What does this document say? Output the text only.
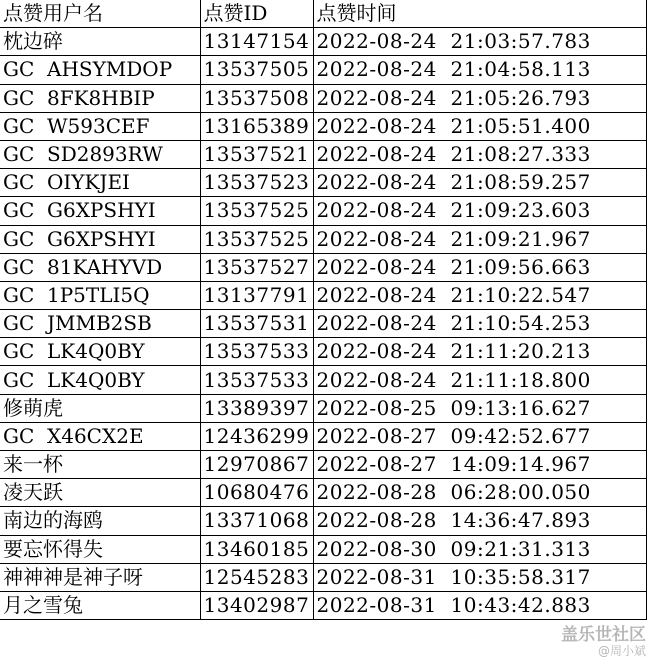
点赞用户名	点赞ID	点赞时间
枕边碎	13147154	2022-08-24  21:03:57.783
GC  AHSYMDOP	13537505	2022-08-24  21:04:58.113
GC  8FK8HBIP	13537508	2022-08-24  21:05:26.793
GC  W593CEF	13165389	2022-08-24  21:05:51.400
GC  SD2893RW	13537521	2022-08-24  21:08:27.333
GC  OIYKJEI	13537523	2022-08-24  21:08:59.257
GC  G6XPSHYI	13537525	2022-08-24  21:09:23.603
GC  G6XPSHYI	13537525	2022-08-24  21:09:21.967
GC  81KAHYVD	13537527	2022-08-24  21:09:56.663
GC  1P5TLI5Q	13137791	2022-08-24  21:10:22.547
GC  JMMB2SB	13537531	2022-08-24  21:10:54.253
GC  LK4Q0BY	13537533	2022-08-24  21:11:20.213
GC  LK4Q0BY	13537533	2022-08-24  21:11:18.800
修萌虎	13389397	2022-08-25  09:13:16.627
GC  X46CX2E	12436299	2022-08-27  09:42:52.677
来一杯	12970867	2022-08-27  14:09:14.967
凌天跃	10680476	2022-08-28  06:28:00.050
南边的海鸥	13371068	2022-08-28  14:36:47.893
要忘怀得失	13460185	2022-08-30  09:21:31.313
神神神是神子呀	12545283	2022-08-31  10:35:58.317
月之雪兔	13402987	2022-08-31  10:43:42.883
盖乐世社区
@周小斌
